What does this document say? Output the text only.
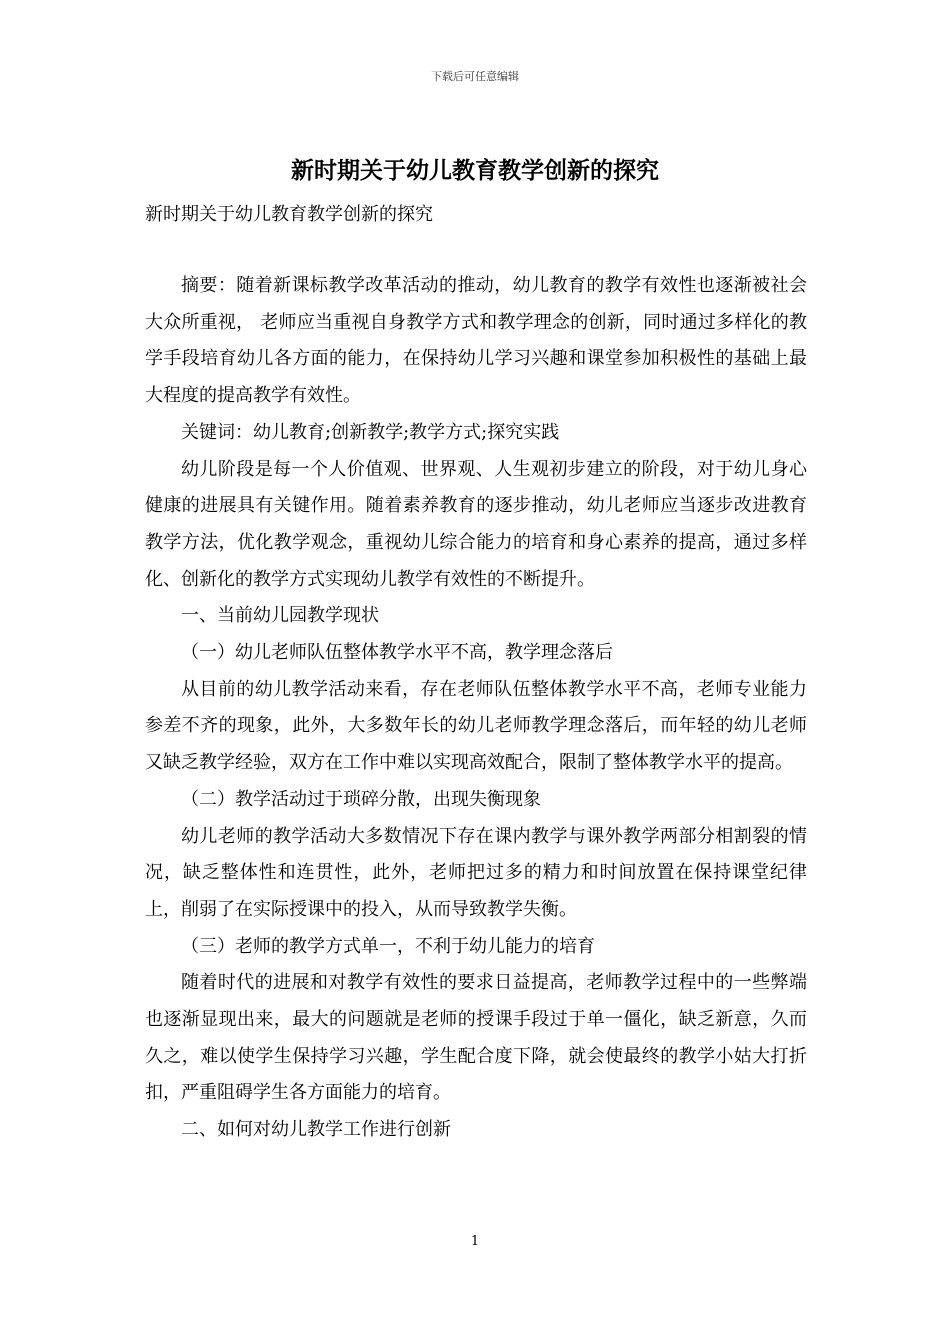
下载后可任意编辑
新时期关于幼儿教育教学创新的探究

新时期关于幼儿教育教学创新的探究

摘要：随着新课标教学改革活动的推动，幼儿教育的教学有效性也逐渐被社会大众所重视， 老师应当重视自身教学方式和教学理念的创新，同时通过多样化的教学手段培育幼儿各方面的能力，在保持幼儿学习兴趣和课堂参加积极性的基础上最大程度的提高教学有效性。

关键词：幼儿教育;创新教学;教学方式;探究实践

幼儿阶段是每一个人价值观、世界观、人生观初步建立的阶段，对于幼儿身心健康的进展具有关键作用。随着素养教育的逐步推动，幼儿老师应当逐步改进教育教学方法，优化教学观念，重视幼儿综合能力的培育和身心素养的提高，通过多样化、创新化的教学方式实现幼儿教学有效性的不断提升。

一、当前幼儿园教学现状

（一）幼儿老师队伍整体教学水平不高，教学理念落后

从目前的幼儿教学活动来看，存在老师队伍整体教学水平不高，老师专业能力参差不齐的现象，此外，大多数年长的幼儿老师教学理念落后，而年轻的幼儿老师又缺乏教学经验，双方在工作中难以实现高效配合，限制了整体教学水平的提高。

（二）教学活动过于琐碎分散，出现失衡现象

幼儿老师的教学活动大多数情况下存在课内教学与课外教学两部分相割裂的情况，缺乏整体性和连贯性，此外，老师把过多的精力和时间放置在保持课堂纪律上，削弱了在实际授课中的投入，从而导致教学失衡。

（三）老师的教学方式单一，不利于幼儿能力的培育

随着时代的进展和对教学有效性的要求日益提高，老师教学过程中的一些弊端也逐渐显现出来，最大的问题就是老师的授课手段过于单一僵化，缺乏新意，久而久之，难以使学生保持学习兴趣，学生配合度下降，就会使最终的教学小姑大打折扣，严重阻碍学生各方面能力的培育。

二、如何对幼儿教学工作进行创新

1
